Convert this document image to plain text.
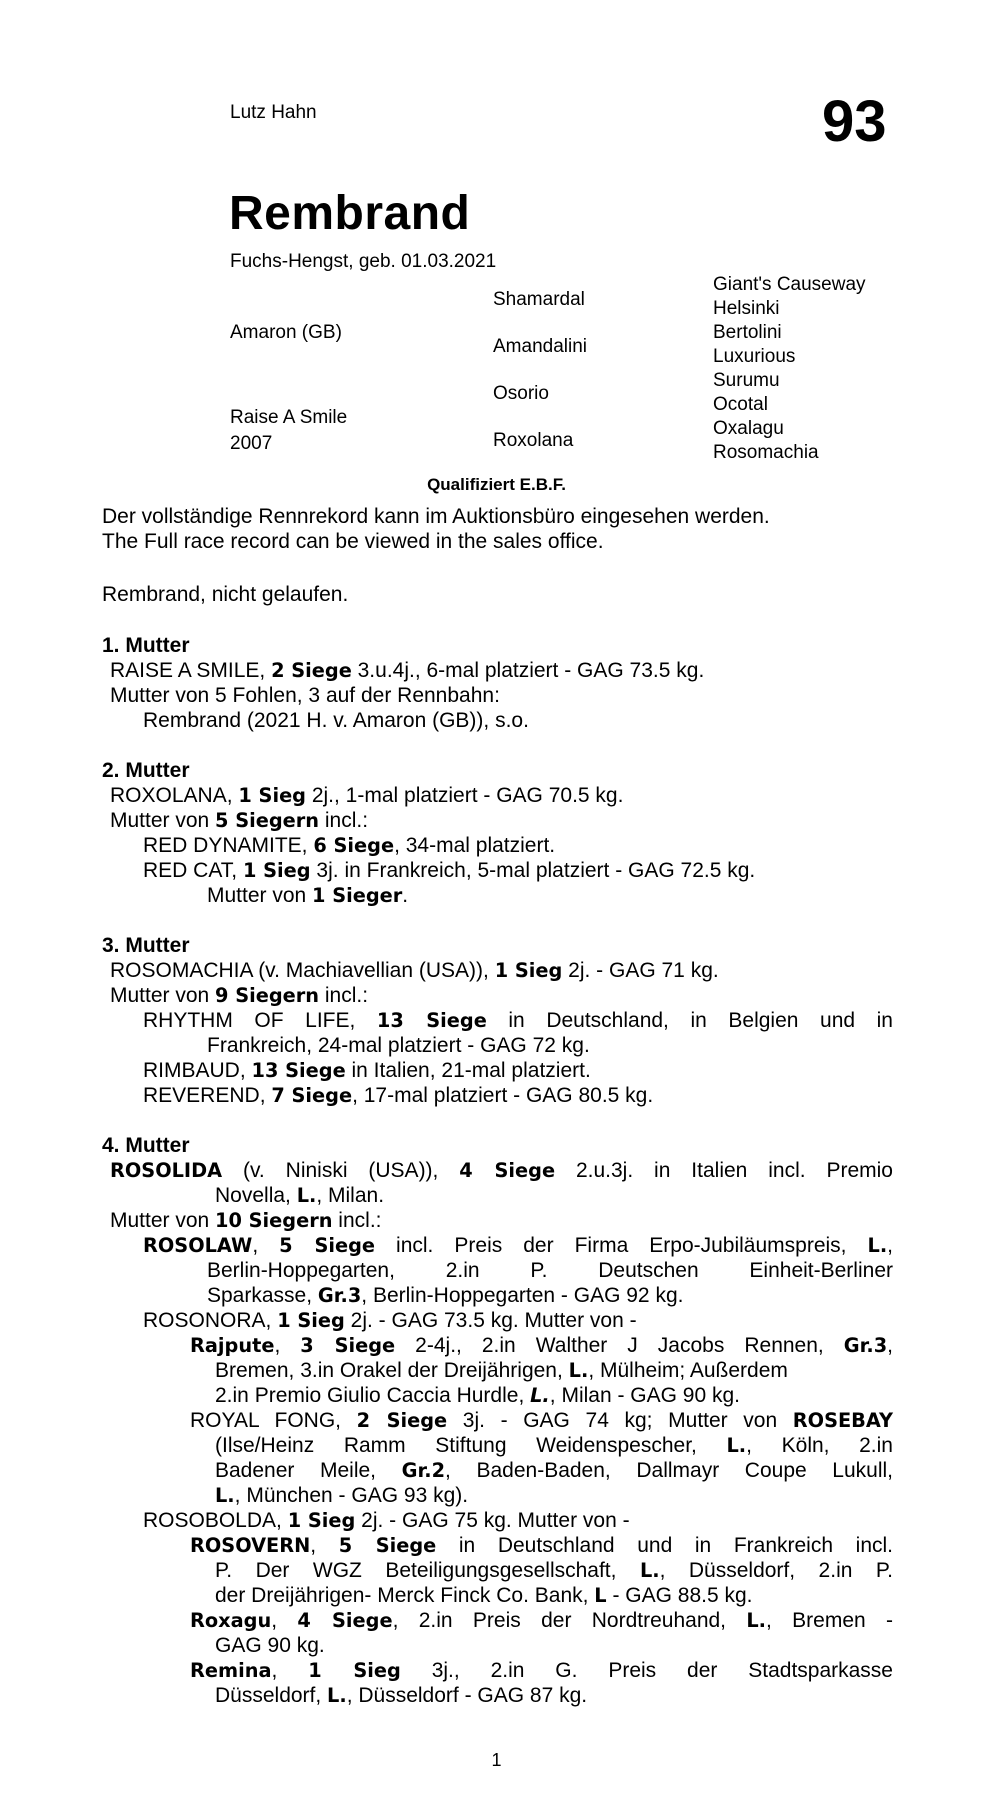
Lutz Hahn	93
Rembrand
Fuchs-Hengst, geb. 01.03.2021
Amaron (GB)
Raise A Smile
2007
Shamardal
Amandalini
Osorio
Roxolana
Giant's Causeway
Helsinki
Bertolini
Luxurious
Surumu
Ocotal
Oxalagu
Rosomachia
Qualifiziert E.B.F.
Der vollständige Rennrekord kann im Auktionsbüro eingesehen werden.
The Full race record can be viewed in the sales office.
Rembrand, nicht gelaufen.
1. Mutter
RAISE A SMILE, 2 Siege 3.u.4j., 6-mal platziert - GAG 73.5 kg.
Mutter von 5 Fohlen, 3 auf der Rennbahn:
Rembrand (2021 H. v. Amaron (GB)), s.o.
2. Mutter
ROXOLANA, 1 Sieg 2j., 1-mal platziert - GAG 70.5 kg.
Mutter von 5 Siegern incl.:
RED DYNAMITE, 6 Siege, 34-mal platziert.
RED CAT, 1 Sieg 3j. in Frankreich, 5-mal platziert - GAG 72.5 kg.
Mutter von 1 Sieger.
3. Mutter
ROSOMACHIA (v. Machiavellian (USA)), 1 Sieg 2j. - GAG 71 kg.
Mutter von 9 Siegern incl.:
RHYTHM OF LIFE, 13 Siege in Deutschland, in Belgien und in
Frankreich, 24-mal platziert - GAG 72 kg.
RIMBAUD, 13 Siege in Italien, 21-mal platziert.
REVEREND, 7 Siege, 17-mal platziert - GAG 80.5 kg.
4. Mutter
ROSOLIDA (v. Niniski (USA)), 4 Siege 2.u.3j. in Italien incl. Premio
Novella, L., Milan.
Mutter von 10 Siegern incl.:
ROSOLAW, 5 Siege incl. Preis der Firma Erpo-Jubiläumspreis, L.,
Berlin-Hoppegarten, 2.in P. Deutschen Einheit-Berliner
Sparkasse, Gr.3, Berlin-Hoppegarten - GAG 92 kg.
ROSONORA, 1 Sieg 2j. - GAG 73.5 kg. Mutter von -
Rajpute, 3 Siege 2-4j., 2.in Walther J Jacobs Rennen, Gr.3,
Bremen, 3.in Orakel der Dreijährigen, L., Mülheim; Außerdem
2.in Premio Giulio Caccia Hurdle, L., Milan - GAG 90 kg.
ROYAL FONG, 2 Siege 3j. - GAG 74 kg; Mutter von ROSEBAY
(Ilse/Heinz Ramm Stiftung Weidenspescher, L., Köln, 2.in
Badener Meile, Gr.2, Baden-Baden, Dallmayr Coupe Lukull,
L., München - GAG 93 kg).
ROSOBOLDA, 1 Sieg 2j. - GAG 75 kg. Mutter von -
ROSOVERN, 5 Siege in Deutschland und in Frankreich incl.
P. Der WGZ Beteiligungsgesellschaft, L., Düsseldorf, 2.in P.
der Dreijährigen- Merck Finck Co. Bank, L - GAG 88.5 kg.
Roxagu, 4 Siege, 2.in Preis der Nordtreuhand, L., Bremen -
GAG 90 kg.
Remina, 1 Sieg 3j., 2.in G. Preis der Stadtsparkasse
Düsseldorf, L., Düsseldorf - GAG 87 kg.
1
